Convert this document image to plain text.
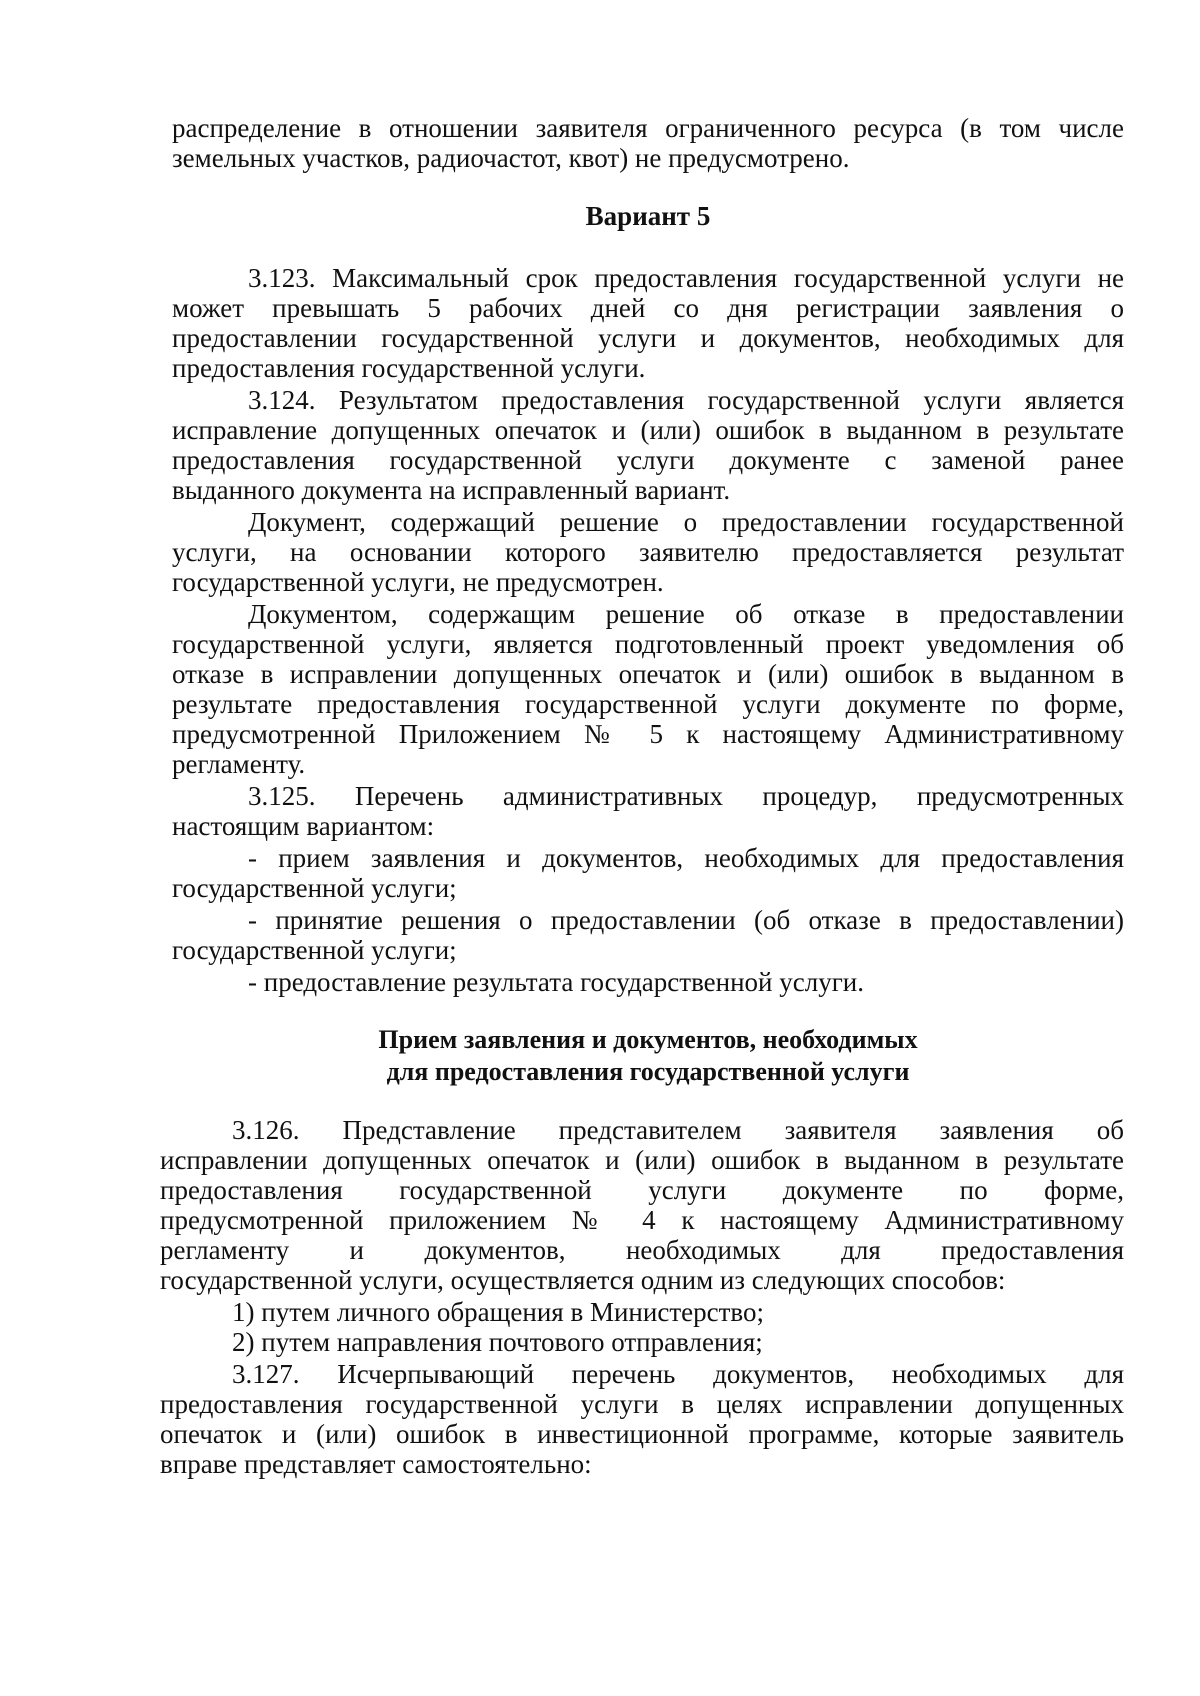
распределение в отношении заявителя ограниченного ресурса (в том числе
земельных участков, радиочастот, квот) не предусмотрено.
Вариант 5
3.123. Максимальный срок предоставления государственной услуги не
может превышать 5 рабочих дней со дня регистрации заявления о
предоставлении государственной услуги и документов, необходимых для
предоставления государственной услуги.
3.124. Результатом предоставления государственной услуги является
исправление допущенных опечаток и (или) ошибок в выданном в результате
предоставления государственной услуги документе с заменой ранее
выданного документа на исправленный вариант.
Документ, содержащий решение о предоставлении государственной
услуги, на основании которого заявителю предоставляется результат
государственной услуги, не предусмотрен.
Документом, содержащим решение об отказе в предоставлении
государственной услуги, является подготовленный проект уведомления об
отказе в исправлении допущенных опечаток и (или) ошибок в выданном в
результате предоставления государственной услуги документе по форме,
предусмотренной Приложением № 5 к настоящему Административному
регламенту.
3.125. Перечень административных процедур, предусмотренных
настоящим вариантом:
- прием заявления и документов, необходимых для предоставления
государственной услуги;
- принятие решения о предоставлении (об отказе в предоставлении)
государственной услуги;
- предоставление результата государственной услуги.
Прием заявления и документов, необходимых
для предоставления государственной услуги
3.126. Представление представителем заявителя заявления об
исправлении допущенных опечаток и (или) ошибок в выданном в результате
предоставления государственной услуги документе по форме,
предусмотренной приложением № 4 к настоящему Административному
регламенту и документов, необходимых для предоставления
государственной услуги, осуществляется одним из следующих способов:
1) путем личного обращения в Министерство;
2) путем направления почтового отправления;
3.127. Исчерпывающий перечень документов, необходимых для
предоставления государственной услуги в целях исправлении допущенных
опечаток и (или) ошибок в инвестиционной программе, которые заявитель
вправе представляет самостоятельно:
